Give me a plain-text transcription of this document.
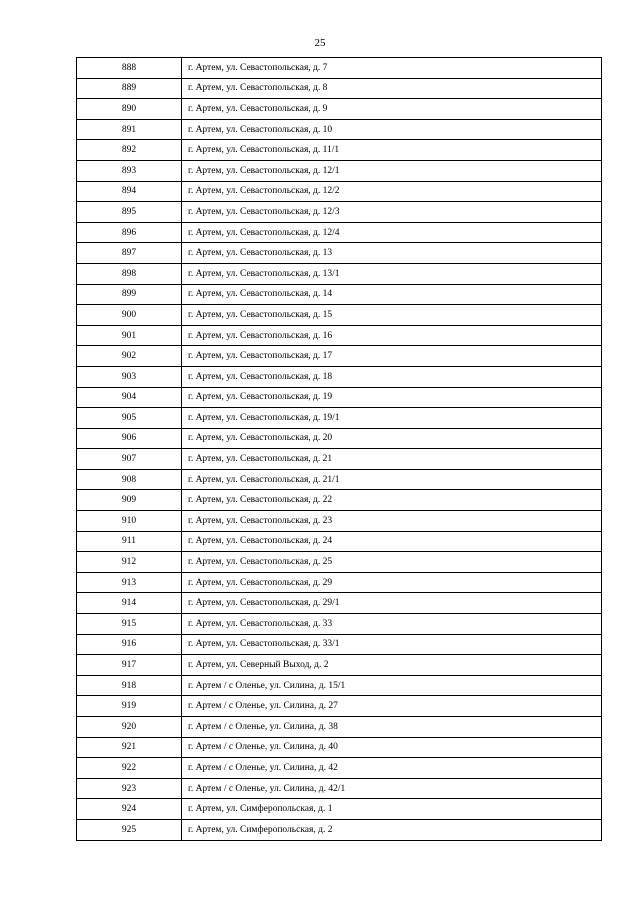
25
888	г. Артем, ул. Севастопольская, д. 7
889	г. Артем, ул. Севастопольская, д. 8
890	г. Артем, ул. Севастопольская, д. 9
891	г. Артем, ул. Севастопольская, д. 10
892	г. Артем, ул. Севастопольская, д. 11/1
893	г. Артем, ул. Севастопольская, д. 12/1
894	г. Артем, ул. Севастопольская, д. 12/2
895	г. Артем, ул. Севастопольская, д. 12/3
896	г. Артем, ул. Севастопольская, д. 12/4
897	г. Артем, ул. Севастопольская, д. 13
898	г. Артем, ул. Севастопольская, д. 13/1
899	г. Артем, ул. Севастопольская, д. 14
900	г. Артем, ул. Севастопольская, д. 15
901	г. Артем, ул. Севастопольская, д. 16
902	г. Артем, ул. Севастопольская, д. 17
903	г. Артем, ул. Севастопольская, д. 18
904	г. Артем, ул. Севастопольская, д. 19
905	г. Артем, ул. Севастопольская, д. 19/1
906	г. Артем, ул. Севастопольская, д. 20
907	г. Артем, ул. Севастопольская, д. 21
908	г. Артем, ул. Севастопольская, д. 21/1
909	г. Артем, ул. Севастопольская, д. 22
910	г. Артем, ул. Севастопольская, д. 23
911	г. Артем, ул. Севастопольская, д. 24
912	г. Артем, ул. Севастопольская, д. 25
913	г. Артем, ул. Севастопольская, д. 29
914	г. Артем, ул. Севастопольская, д. 29/1
915	г. Артем, ул. Севастопольская, д. 33
916	г. Артем, ул. Севастопольская, д. 33/1
917	г. Артем, ул. Северный Выход, д. 2
918	г. Артем / с Оленье, ул. Силина, д. 15/1
919	г. Артем / с Оленье, ул. Силина, д. 27
920	г. Артем / с Оленье, ул. Силина, д. 38
921	г. Артем / с Оленье, ул. Силина, д. 40
922	г. Артем / с Оленье, ул. Силина, д. 42
923	г. Артем / с Оленье, ул. Силина, д. 42/1
924	г. Артем, ул. Симферопольская, д. 1
925	г. Артем, ул. Симферопольская, д. 2
